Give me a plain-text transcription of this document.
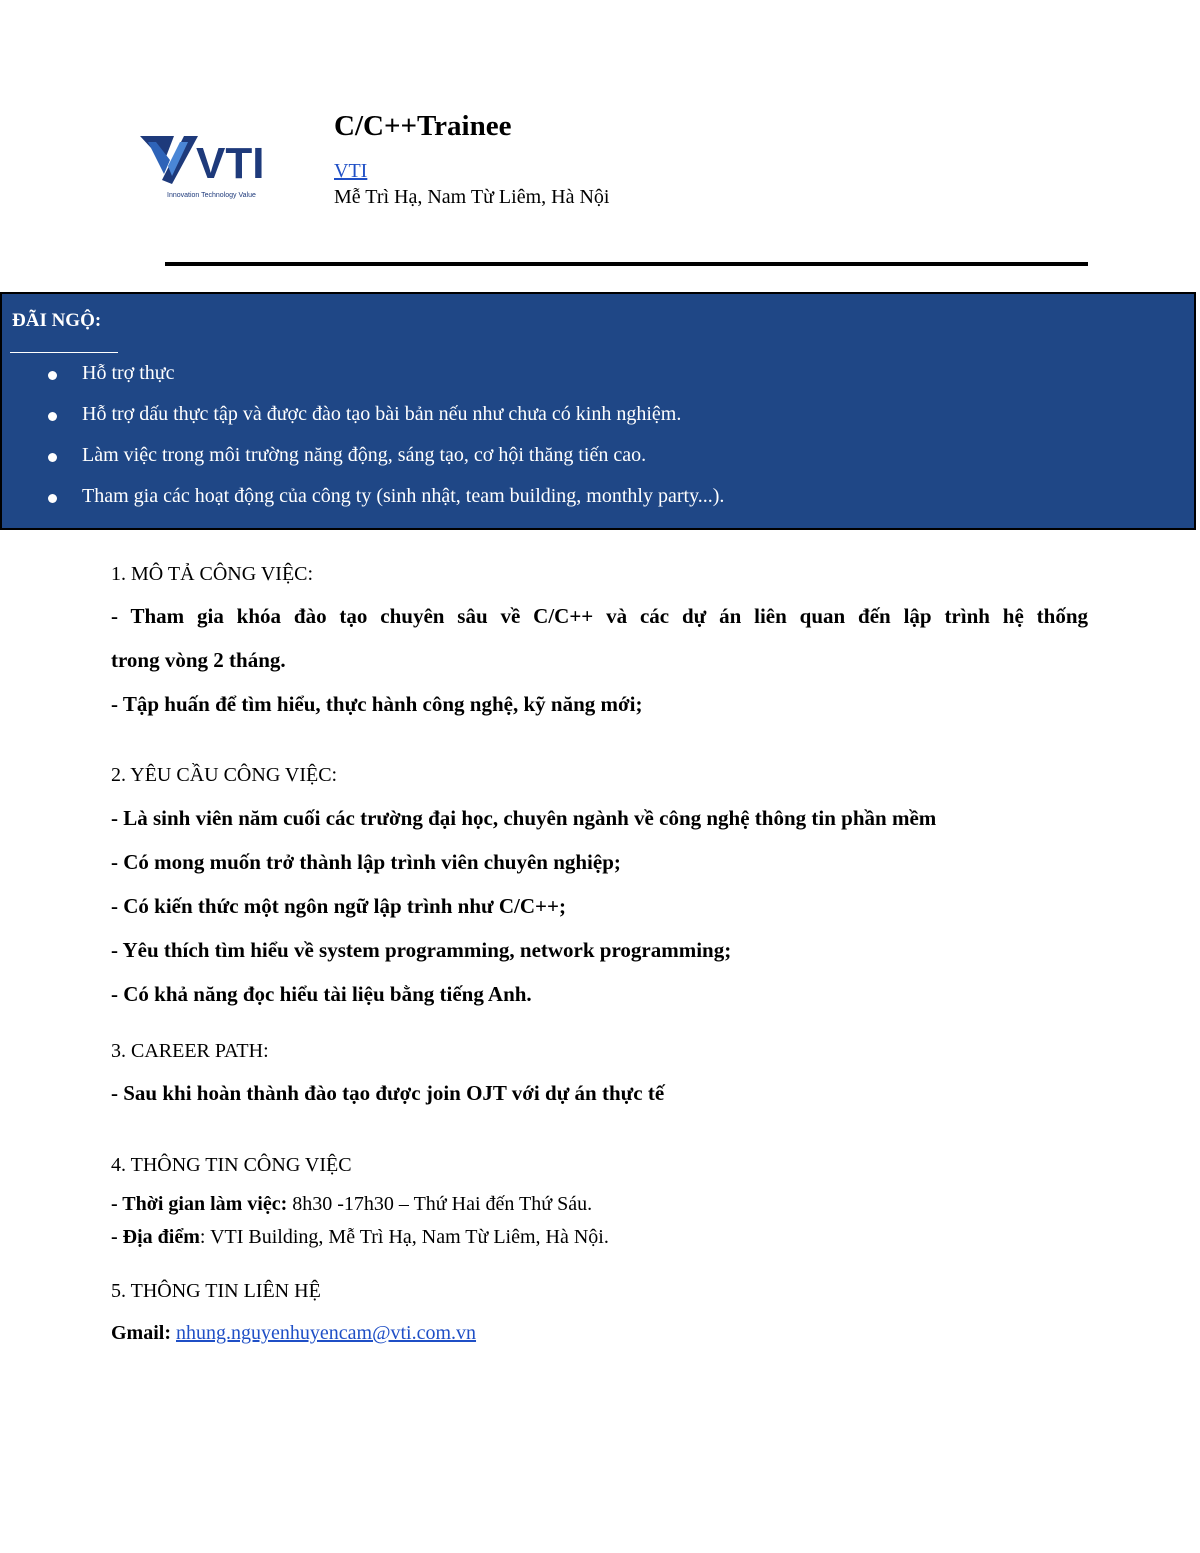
VTI
Innovation Technology Value
C/C++Trainee
VTI
Mễ Trì Hạ, Nam Từ Liêm, Hà Nội
ĐÃI NGỘ:
Hỗ trợ thực
Hỗ trợ dấu thực tập và được đào tạo bài bản nếu như chưa có kinh nghiệm.
Làm việc trong môi trường năng động, sáng tạo, cơ hội thăng tiến cao.
Tham gia các hoạt động của công ty (sinh nhật, team building, monthly party...).
1. MÔ TẢ CÔNG VIỆC:
- Tham gia khóa đào tạo chuyên sâu về C/C++ và các dự án liên quan đến lập trình hệ thống
trong vòng 2 tháng.
- Tập huấn để tìm hiểu, thực hành công nghệ, kỹ năng mới;
2. YÊU CẦU CÔNG VIỆC:
- Là sinh viên năm cuối các trường đại học, chuyên ngành về công nghệ thông tin phần mềm
- Có mong muốn trở thành lập trình viên chuyên nghiệp;
- Có kiến thức một ngôn ngữ lập trình như C/C++;
- Yêu thích tìm hiểu về system programming, network programming;
- Có khả năng đọc hiểu tài liệu bằng tiếng Anh.
3. CAREER PATH:
- Sau khi hoàn thành đào tạo được join OJT với dự án thực tế
4. THÔNG TIN CÔNG VIỆC
- Thời gian làm việc: 8h30 -17h30 – Thứ Hai đến Thứ Sáu.
- Địa điểm: VTI Building, Mễ Trì Hạ, Nam Từ Liêm, Hà Nội.
5. THÔNG TIN LIÊN HỆ
Gmail: nhung.nguyenhuyencam@vti.com.vn
